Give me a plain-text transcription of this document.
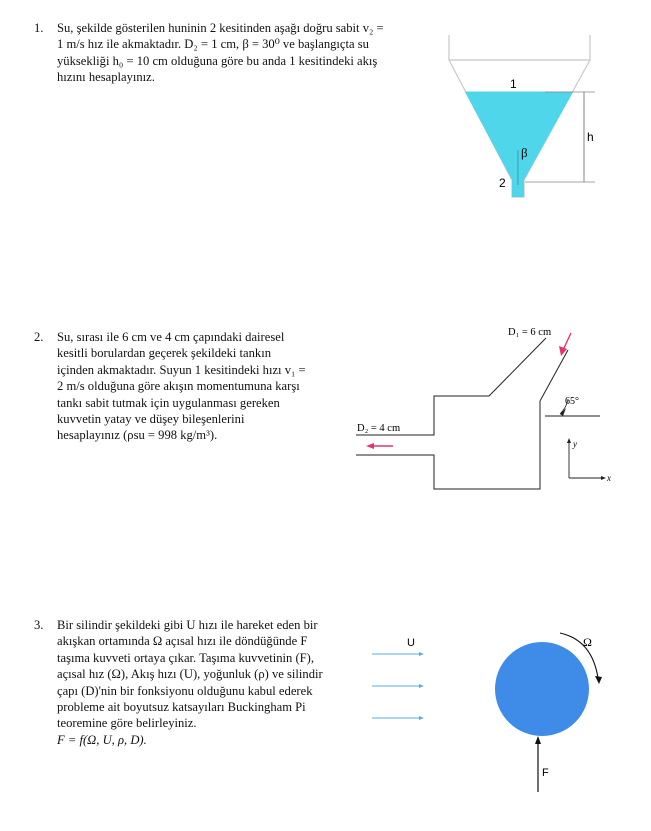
1. Su, şekilde gösterilen huninin 2 kesitinden aşağı doğru sabit v₂ =
1 m/s hız ile akmaktadır. D₂ = 1 cm, β = 30⁰ ve başlangıçta su
yüksekliği h₀ = 10 cm olduğuna göre bu anda 1 kesitindeki akış
hızını hesaplayınız.	1
2
β
h
2. Su, sırası ile 6 cm ve 4 cm çapındaki dairesel
kesitli borulardan geçerek şekildeki tankın
içinden akmaktadır. Suyun 1 kesitindeki hızı v₁ =
2 m/s olduğuna göre akışın momentumuna karşı
tankı sabit tutmak için uygulanması gereken
kuvvetin yatay ve düşey bileşenlerini
hesaplayınız (ρsu = 998 kg/m³).
D₁ = 6 cm
D₂ = 4 cm
65°
y
x
3. Bir silindir şekildeki gibi U hızı ile hareket eden bir
akışkan ortamında Ω açısal hızı ile döndüğünde F
taşıma kuvveti ortaya çıkar. Taşıma kuvvetinin (F),
açısal hız (Ω), Akış hızı (U), yoğunluk (ρ) ve silindir
çapı (D)'nin bir fonksiyonu olduğunu kabul ederek
probleme ait boyutsuz katsayıları Buckingham Pi
teoremine göre belirleyiniz.
F = f(Ω, U, ρ, D).
U	Ω
F
